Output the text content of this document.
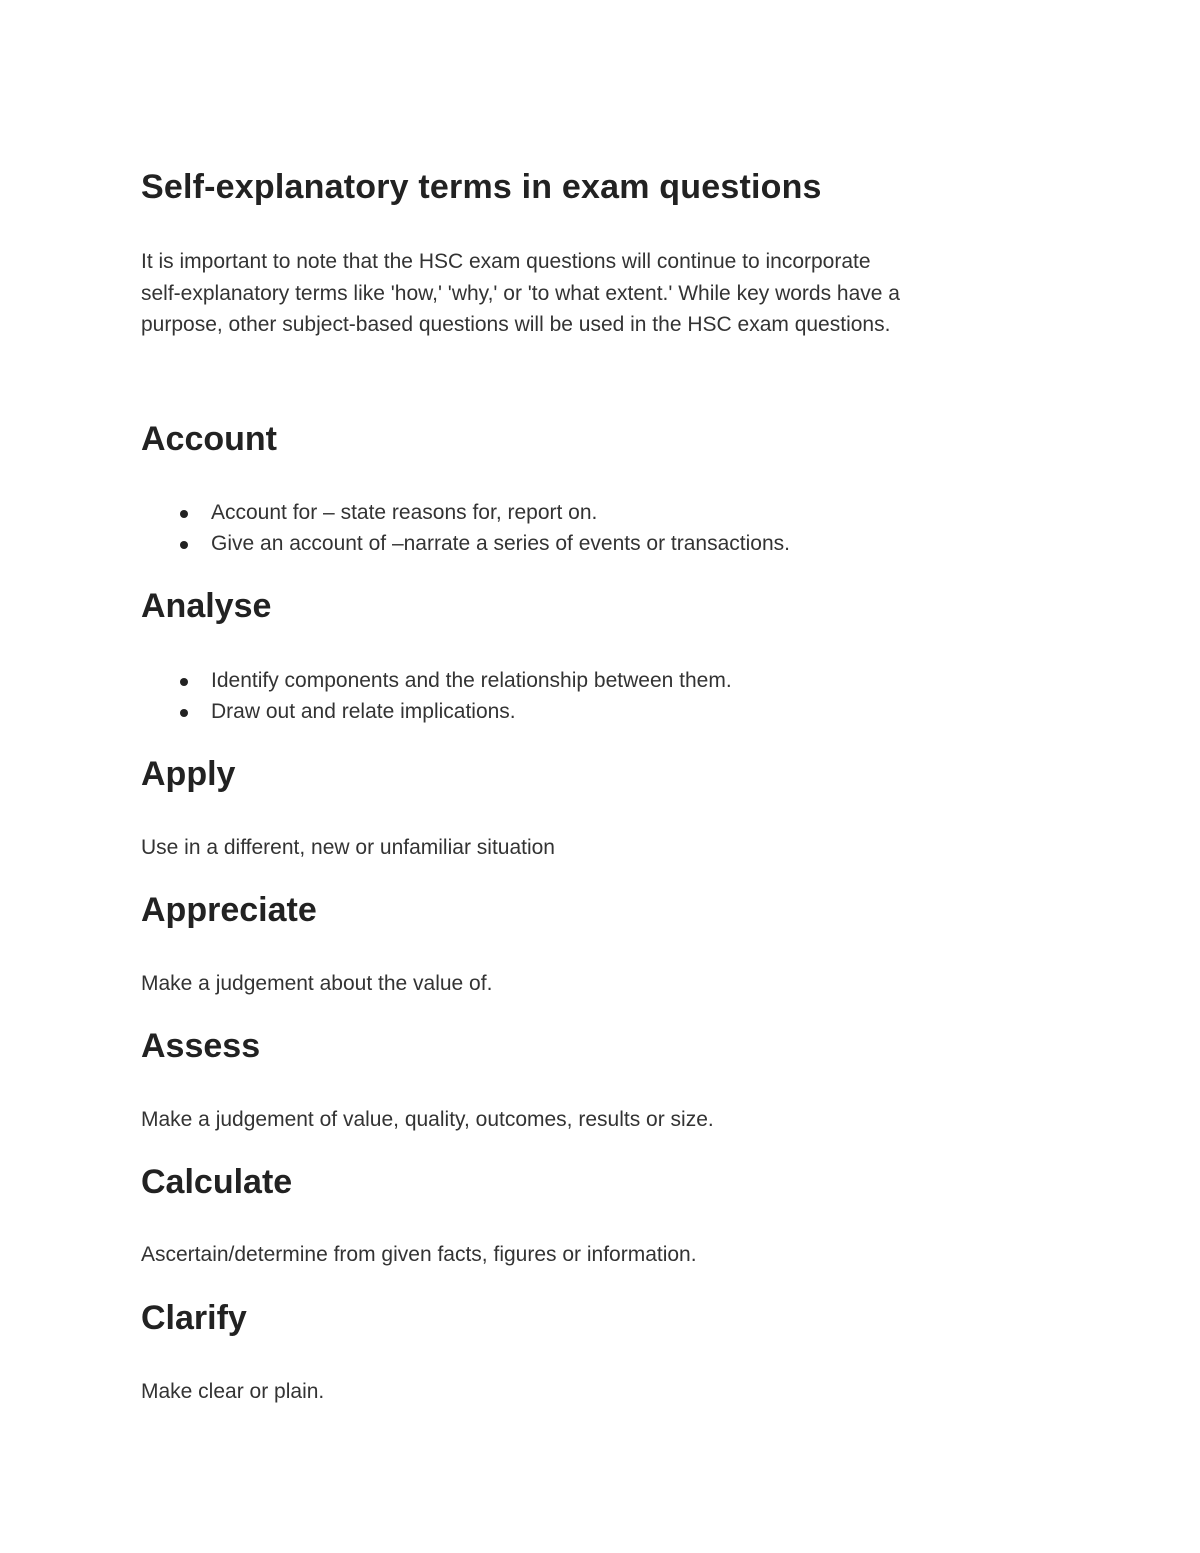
Self-explanatory terms in exam questions
It is important to note that the HSC exam questions will continue to incorporate
self-explanatory terms like 'how,' 'why,' or 'to what extent.' While key words have a
purpose, other subject-based questions will be used in the HSC exam questions.
Account
Account for – state reasons for, report on.
Give an account of –narrate a series of events or transactions.
Analyse
Identify components and the relationship between them.
Draw out and relate implications.
Apply

Use in a different, new or unfamiliar situation

Appreciate

Make a judgement about the value of.

Assess

Make a judgement of value, quality, outcomes, results or size.

Calculate

Ascertain/determine from given facts, figures or information.

Clarify

Make clear or plain.
